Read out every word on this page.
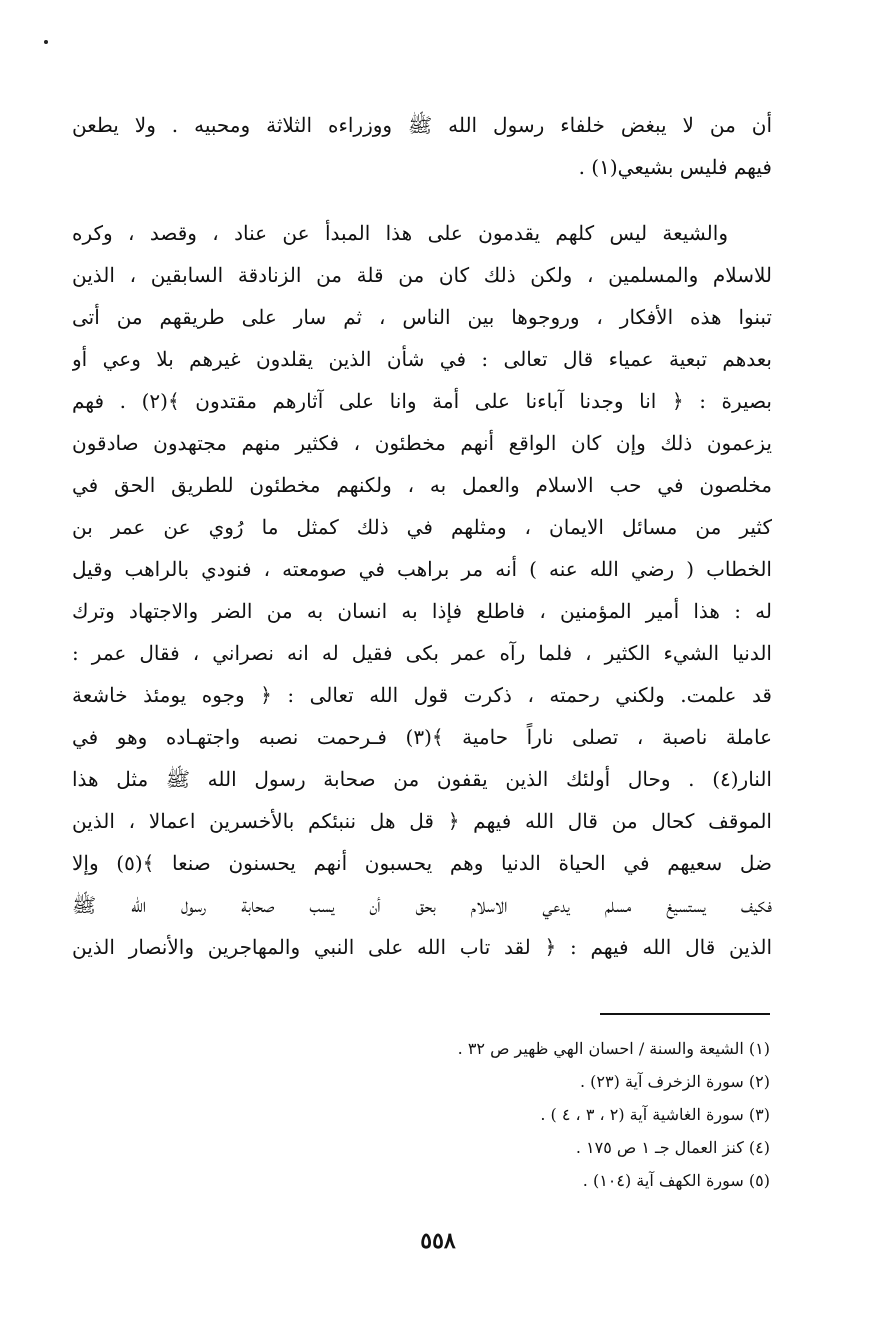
أن من لا يبغض خلفاء رسول الله ﷺ ووزراءه الثلاثة ومحبيه . ولا يطعن
فيهم فليس بشيعي(١) .
والشيعة ليس كلهم يقدمون على هذا المبدأ عن عناد ، وقصد ، وكره
للاسلام والمسلمين ، ولكن ذلك كان من قلة من الزنادقة السابقين ، الذين
تبنوا هذه الأفكار ، وروجوها بين الناس ، ثم سار على طريقهم من أتى
بعدهم تبعية عمياء قال تعالى : في شأن الذين يقلدون غيرهم بلا وعي أو
بصيرة : ﴿ انا وجدنا آباءنا على أمة وانا على آثارهم مقتدون ﴾(٢) . فهم
يزعمون ذلك وإن كان الواقع أنهم مخطئون ، فكثير منهم مجتهدون صادقون
مخلصون في حب الاسلام والعمل به ، ولكنهم مخطئون للطريق الحق في
كثير من مسائل الايمان ، ومثلهم في ذلك كمثل ما رُوي عن عمر بن
الخطاب ( رضي الله عنه ) أنه مر براهب في صومعته ، فنودي بالراهب وقيل
له : هذا أمير المؤمنين ، فاطلع فإذا به انسان به من الضر والاجتهاد وترك
الدنيا الشيء الكثير ، فلما رآه عمر بكى فقيل له انه نصراني ، فقال عمر :
قد علمت. ولكني رحمته ، ذكرت قول الله تعالى : ﴿ وجوه يومئذ خاشعة
عاملة ناصبة ، تصلى ناراً حامية ﴾(٣) فـرحمت نصبه واجتهـاده وهو في
النار(٤) . وحال أولئك الذين يقفون من صحابة رسول الله ﷺ مثل هذا
الموقف كحال من قال الله فيهم ﴿ قل هل ننبئكم بالأخسرين اعمالا ، الذين
ضل سعيهم في الحياة الدنيا وهم يحسبون أنهم يحسنون صنعا ﴾(٥) وإلا
فكيف يستسيغ مسلم يدعي الاسلام بحق أن يسب صحابة رسول الله ﷺ
الذين قال الله فيهم : ﴿ لقد تاب الله على النبي والمهاجرين والأنصار الذين
(١) الشيعة والسنة / احسان الهي ظهير ص ٣٢ .
(٢) سورة الزخرف آية (٢٣) .
(٣) سورة الغاشية آية (٢ ، ٣ ، ٤ ) .
(٤) كنز العمال جـ ١ ص ١٧٥ .
(٥) سورة الكهف آية (١٠٤) .
٥٥٨
